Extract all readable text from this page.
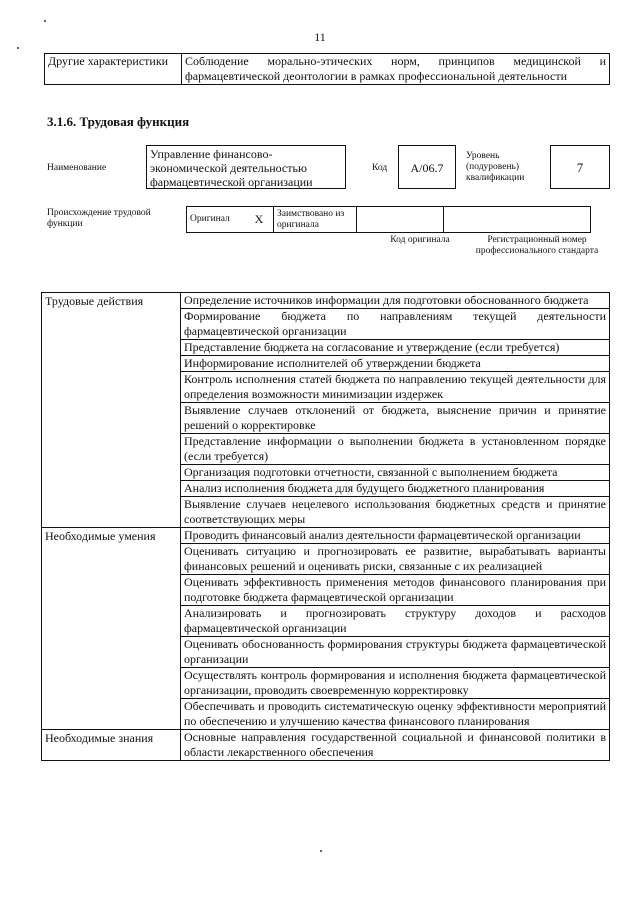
11
Другие характеристики	Соблюдение морально-этических норм, принципов медицинской и фармацевтической деонтологии в рамках профессиональной деятельности
3.1.6. Трудовая функция
Наименование
Управление финансово-экономической деятельностью фармацевтической организации
Код	A/06.7
Уровень (подуровень) квалификации
7
Происхождение трудовой функции	Оригинал	X	Заимствовано из оригинала		
Код оригинала	Регистрационный номер профессионального стандарта
Трудовые действия	Определение источников информации для подготовки обоснованного бюджета
	Формирование бюджета по направлениям текущей деятельности фармацевтической организации
	Представление бюджета на согласование и утверждение (если требуется)
	Информирование исполнителей об утверждении бюджета
	Контроль исполнения статей бюджета по направлению текущей деятельности для определения возможности минимизации издержек
	Выявление случаев отклонений от бюджета, выяснение причин и принятие решений о корректировке
	Представление информации о выполнении бюджета в установленном порядке (если требуется)
	Организация подготовки отчетности, связанной с выполнением бюджета
	Анализ исполнения бюджета для будущего бюджетного планирования
	Выявление случаев нецелевого использования бюджетных средств и принятие соответствующих меры
Необходимые умения	Проводить финансовый анализ деятельности фармацевтической организации
	Оценивать ситуацию и прогнозировать ее развитие, вырабатывать варианты финансовых решений и оценивать риски, связанные с их реализацией
	Оценивать эффективность применения методов финансового планирования при подготовке бюджета фармацевтической организации
	Анализировать и прогнозировать структуру доходов и расходов фармацевтической организации
	Оценивать обоснованность формирования структуры бюджета фармацевтической организации
	Осуществлять контроль формирования и исполнения бюджета фармацевтической организации, проводить своевременную корректировку
	Обеспечивать и проводить систематическую оценку эффективности мероприятий по обеспечению и улучшению качества финансового планирования
Необходимые знания	Основные направления государственной социальной и финансовой политики в области лекарственного обеспечения
